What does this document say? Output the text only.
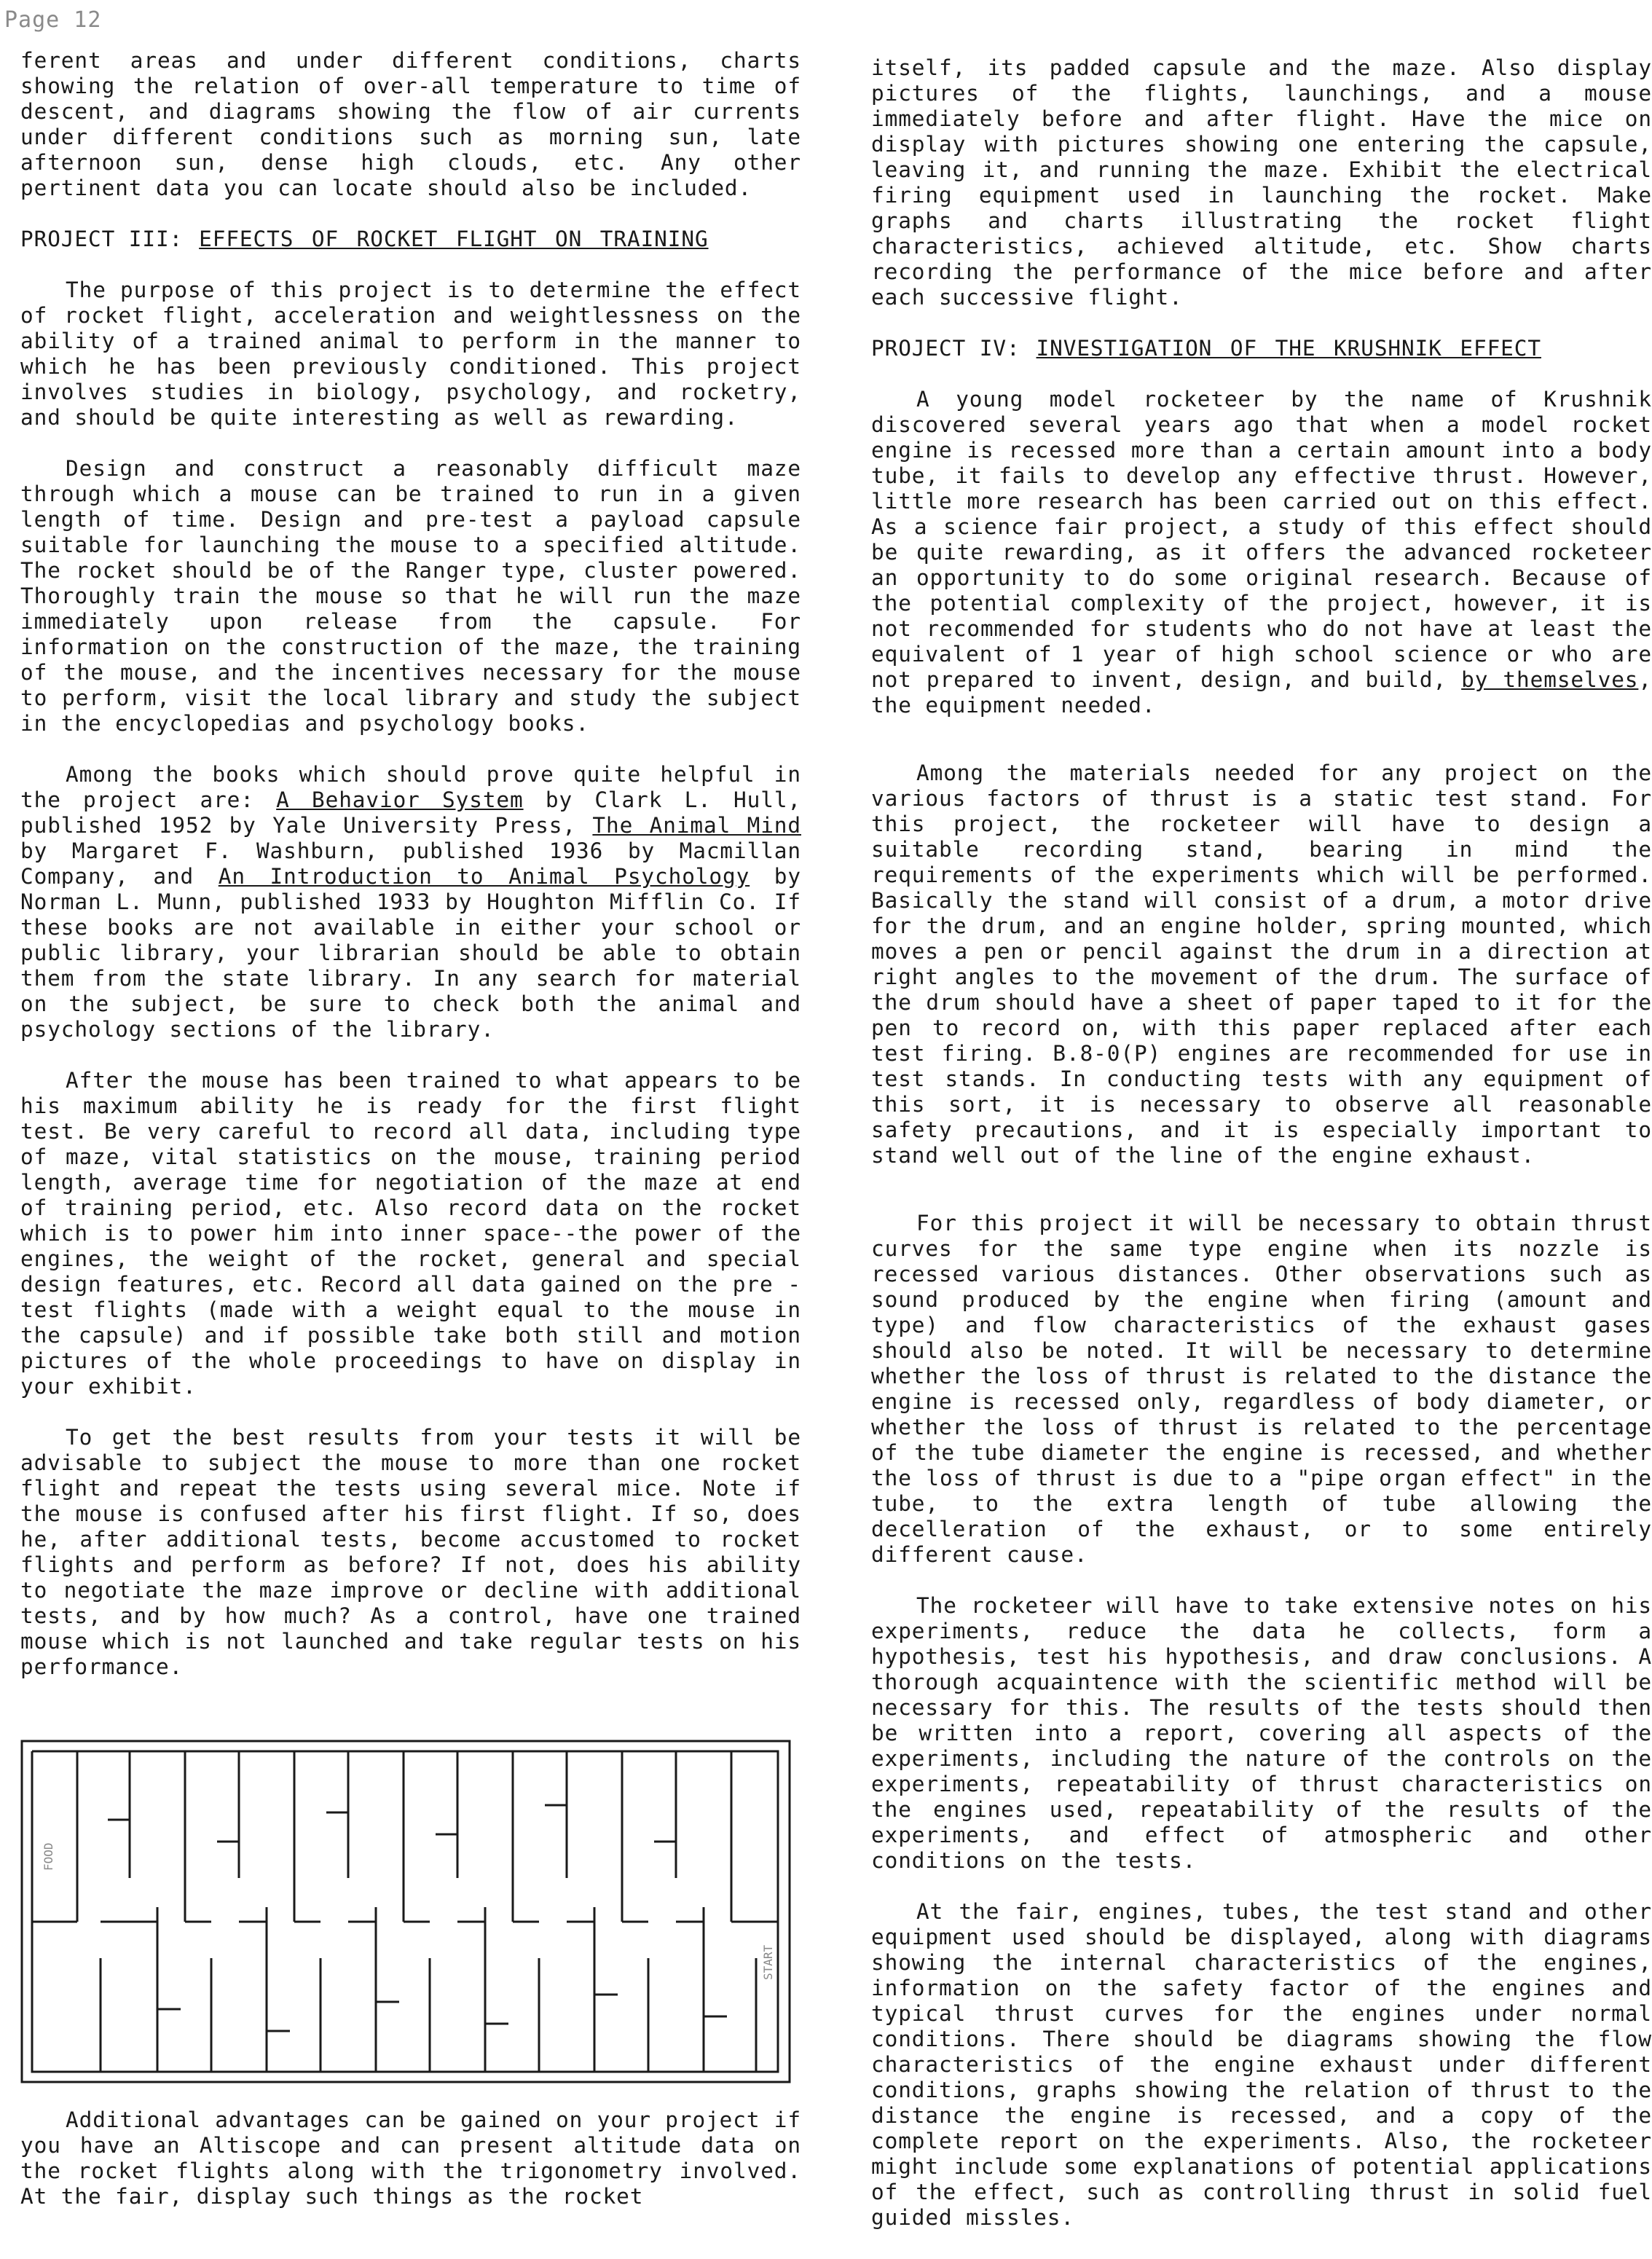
Page 12

ferent areas and under different conditions, charts showing the relation of over-all temperature to time of descent, and diagrams showing the flow of air currents under different conditions such as morning sun, late afternoon sun, dense high clouds, etc. Any other pertinent data you can locate should also be included.

PROJECT III: EFFECTS OF ROCKET FLIGHT ON TRAINING

The purpose of this project is to determine the effect of rocket flight, acceleration and weightlessness on the ability of a trained animal to perform in the manner to which he has been previously conditioned. This project involves studies in biology, psychology, and rocketry, and should be quite interesting as well as rewarding.

Design and construct a reasonably difficult maze through which a mouse can be trained to run in a given length of time. Design and pre-test a payload capsule suitable for launching the mouse to a specified altitude. The rocket should be of the Ranger type, cluster powered. Thoroughly train the mouse so that he will run the maze immediately upon release from the capsule. For information on the construction of the maze, the training of the mouse, and the incentives necessary for the mouse to perform, visit the local library and study the subject in the encyclopedias and psychology books.

Among the books which should prove quite helpful in the project are: A Behavior System by Clark L. Hull, published 1952 by Yale University Press, The Animal Mind by Margaret F. Washburn, published 1936 by Macmillan Company, and An Introduction to Animal Psychology by Norman L. Munn, published 1933 by Houghton Mifflin Co. If these books are not available in either your school or public library, your librarian should be able to obtain them from the state library. In any search for material on the subject, be sure to check both the animal and psychology sections of the library.

After the mouse has been trained to what appears to be his maximum ability he is ready for the first flight test. Be very careful to record all data, including type of maze, vital statistics on the mouse, training period length, average time for negotiation of the maze at end of training period, etc. Also record data on the rocket which is to power him into inner space--the power of the engines, the weight of the rocket, general and special design features, etc. Record all data gained on the pre - test flights (made with a weight equal to the mouse in the capsule) and if possible take both still and motion pictures of the whole proceedings to have on display in your exhibit.

To get the best results from your tests it will be advisable to subject the mouse to more than one rocket flight and repeat the tests using several mice. Note if the mouse is confused after his first flight. If so, does he, after additional tests, become accustomed to rocket flights and perform as before? If not, does his ability to negotiate the maze improve or decline with additional tests, and by how much? As a control, have one trained mouse which is not launched and take regular tests on his performance.

FOOD
START

Additional advantages can be gained on your project if you have an Altiscope and can present altitude data on the rocket flights along with the trigonometry involved. At the fair, display such things as the rocket

itself, its padded capsule and the maze. Also display pictures of the flights, launchings, and a mouse immediately before and after flight. Have the mice on display with pictures showing one entering the capsule, leaving it, and running the maze. Exhibit the electrical firing equipment used in launching the rocket. Make graphs and charts illustrating the rocket flight characteristics, achieved altitude, etc. Show charts recording the performance of the mice before and after each successive flight.

PROJECT IV: INVESTIGATION OF THE KRUSHNIK EFFECT

A young model rocketeer by the name of Krushnik discovered several years ago that when a model rocket engine is recessed more than a certain amount into a body tube, it fails to develop any effective thrust. However, little more research has been carried out on this effect. As a science fair project, a study of this effect should be quite rewarding, as it offers the advanced rocketeer an opportunity to do some original research. Because of the potential complexity of the project, however, it is not recommended for students who do not have at least the equivalent of 1 year of high school science or who are not prepared to invent, design, and build, by themselves, the equipment needed.

Among the materials needed for any project on the various factors of thrust is a static test stand. For this project, the rocketeer will have to design a suitable recording stand, bearing in mind the requirements of the experiments which will be performed. Basically the stand will consist of a drum, a motor drive for the drum, and an engine holder, spring mounted, which moves a pen or pencil against the drum in a direction at right angles to the movement of the drum. The surface of the drum should have a sheet of paper taped to it for the pen to record on, with this paper replaced after each test firing. B.8-0(P) engines are recommended for use in test stands. In conducting tests with any equipment of this sort, it is necessary to observe all reasonable safety precautions, and it is especially important to stand well out of the line of the engine exhaust.

For this project it will be necessary to obtain thrust curves for the same type engine when its nozzle is recessed various distances. Other observations such as sound produced by the engine when firing (amount and type) and flow characteristics of the exhaust gases should also be noted. It will be necessary to determine whether the loss of thrust is related to the distance the engine is recessed only, regardless of body diameter, or whether the loss of thrust is related to the percentage of the tube diameter the engine is recessed, and whether the loss of thrust is due to a "pipe organ effect" in the tube, to the extra length of tube allowing the decelleration of the exhaust, or to some entirely different cause.

The rocketeer will have to take extensive notes on his experiments, reduce the data he collects, form a hypothesis, test his hypothesis, and draw conclusions. A thorough acquaintence with the scientific method will be necessary for this. The results of the tests should then be written into a report, covering all aspects of the experiments, including the nature of the controls on the experiments, repeatability of thrust characteristics on the engines used, repeatability of the results of the experiments, and effect of atmospheric and other conditions on the tests.

At the fair, engines, tubes, the test stand and other equipment used should be displayed, along with diagrams showing the internal characteristics of the engines, information on the safety factor of the engines and typical thrust curves for the engines under normal conditions. There should be diagrams showing the flow characteristics of the engine exhaust under different conditions, graphs showing the relation of thrust to the distance the engine is recessed, and a copy of the complete report on the experiments. Also, the rocketeer might include some explanations of potential applications of the effect, such as controlling thrust in solid fuel guided missles.
